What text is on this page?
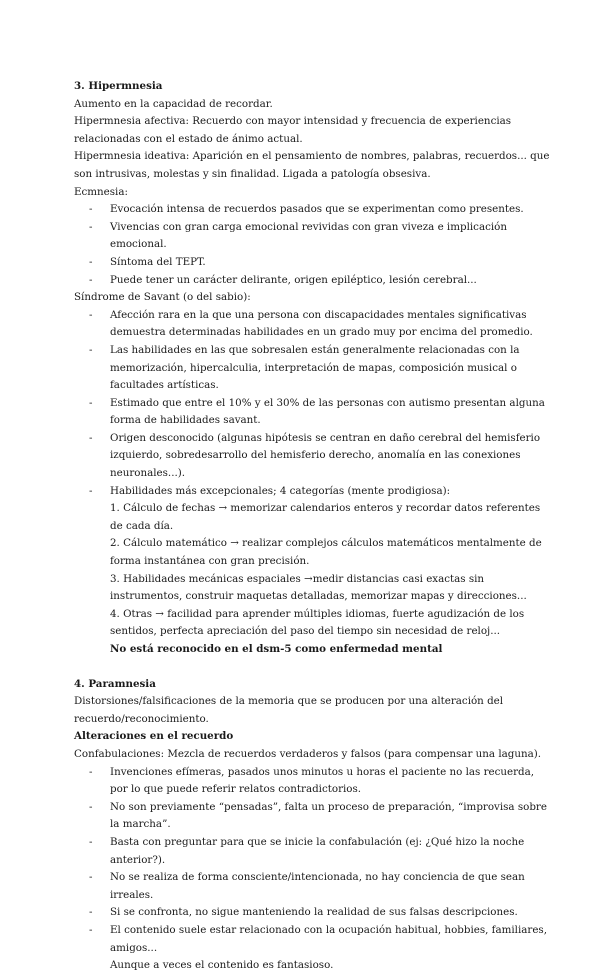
3. Hipermnesia
Aumento en la capacidad de recordar.
Hipermnesia afectiva: Recuerdo con mayor intensidad y frecuencia de experiencias relacionadas con el estado de ánimo actual.
Hipermnesia ideativa: Aparición en el pensamiento de nombres, palabras, recuerdos... que son intrusivas, molestas y sin finalidad. Ligada a patología obsesiva.
Ecmnesia:
- Evocación intensa de recuerdos pasados que se experimentan como presentes.
- Vivencias con gran carga emocional revividas con gran viveza e implicación emocional.
- Síntoma del TEPT.
- Puede tener un carácter delirante, origen epiléptico, lesión cerebral...
Síndrome de Savant (o del sabio):
- Afección rara en la que una persona con discapacidades mentales significativas demuestra determinadas habilidades en un grado muy por encima del promedio.
- Las habilidades en las que sobresalen están generalmente relacionadas con la memorización, hipercalculia, interpretación de mapas, composición musical o facultades artísticas.
- Estimado que entre el 10% y el 30% de las personas con autismo presentan alguna forma de habilidades savant.
- Origen desconocido (algunas hipótesis se centran en daño cerebral del hemisferio izquierdo, sobredesarrollo del hemisferio derecho, anomalía en las conexiones neuronales...).
- Habilidades más excepcionales; 4 categorías (mente prodigiosa):
1. Cálculo de fechas → memorizar calendarios enteros y recordar datos referentes de cada día.
2. Cálculo matemático → realizar complejos cálculos matemáticos mentalmente de forma instantánea con gran precisión.
3. Habilidades mecánicas espaciales →medir distancias casi exactas sin instrumentos, construir maquetas detalladas, memorizar mapas y direcciones...
4. Otras → facilidad para aprender múltiples idiomas, fuerte agudización de los sentidos, perfecta apreciación del paso del tiempo sin necesidad de reloj...
No está reconocido en el dsm-5 como enfermedad mental
4. Paramnesia
Distorsiones/falsificaciones de la memoria que se producen por una alteración del recuerdo/reconocimiento.
Alteraciones en el recuerdo
Confabulaciones: Mezcla de recuerdos verdaderos y falsos (para compensar una laguna).
- Invenciones efímeras, pasados unos minutos u horas el paciente no las recuerda, por lo que puede referir relatos contradictorios.
- No son previamente “pensadas”, falta un proceso de preparación, “improvisa sobre la marcha”.
- Basta con preguntar para que se inicie la confabulación (ej: ¿Qué hizo la noche anterior?).
- No se realiza de forma consciente/intencionada, no hay conciencia de que sean irreales.
- Si se confronta, no sigue manteniendo la realidad de sus falsas descripciones.
- El contenido suele estar relacionado con la ocupación habitual, hobbies, familiares, amigos...
Aunque a veces el contenido es fantasioso.
